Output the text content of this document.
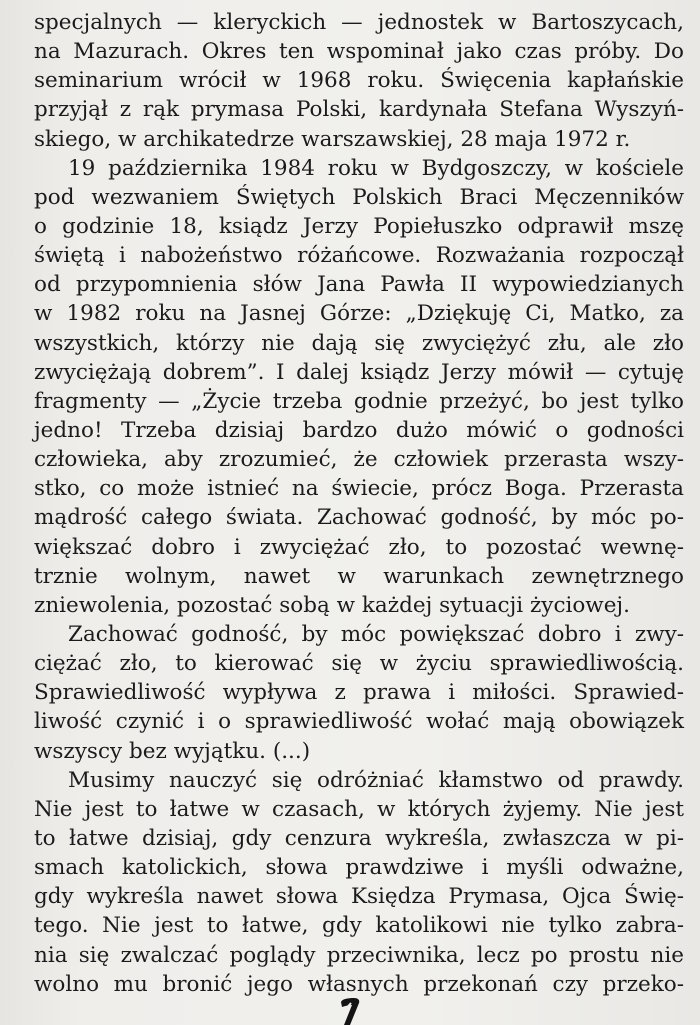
specjalnych — kleryckich — jednostek w Bartoszycach,
na Mazurach. Okres ten wspominał jako czas próby. Do
seminarium wrócił w 1968 roku. Święcenia kapłańskie
przyjął z rąk prymasa Polski, kardynała Stefana Wyszyń-
skiego, w archikatedrze warszawskiej, 28 maja 1972 r.
19 października 1984 roku w Bydgoszczy, w kościele
pod wezwaniem Świętych Polskich Braci Męczenników
o godzinie 18, ksiądz Jerzy Popiełuszko odprawił mszę
świętą i nabożeństwo różańcowe. Rozważania rozpoczął
od przypomnienia słów Jana Pawła II wypowiedzianych
w 1982 roku na Jasnej Górze: „Dziękuję Ci, Matko, za
wszystkich, którzy nie dają się zwyciężyć złu, ale zło
zwyciężają dobrem”. I dalej ksiądz Jerzy mówił — cytuję
fragmenty — „Życie trzeba godnie przeżyć, bo jest tylko
jedno! Trzeba dzisiaj bardzo dużo mówić o godności
człowieka, aby zrozumieć, że człowiek przerasta wszy-
stko, co może istnieć na świecie, prócz Boga. Przerasta
mądrość całego świata. Zachować godność, by móc po-
większać dobro i zwyciężać zło, to pozostać wewnę-
trznie wolnym, nawet w warunkach zewnętrznego
zniewolenia, pozostać sobą w każdej sytuacji życiowej.
Zachować godność, by móc powiększać dobro i zwy-
ciężać zło, to kierować się w życiu sprawiedliwością.
Sprawiedliwość wypływa z prawa i miłości. Sprawied-
liwość czynić i o sprawiedliwość wołać mają obowiązek
wszyscy bez wyjątku. (...)
Musimy nauczyć się odróżniać kłamstwo od prawdy.
Nie jest to łatwe w czasach, w których żyjemy. Nie jest
to łatwe dzisiaj, gdy cenzura wykreśla, zwłaszcza w pi-
smach katolickich, słowa prawdziwe i myśli odważne,
gdy wykreśla nawet słowa Księdza Prymasa, Ojca Świę-
tego. Nie jest to łatwe, gdy katolikowi nie tylko zabra-
nia się zwalczać poglądy przeciwnika, lecz po prostu nie
wolno mu bronić jego własnych przekonań czy przeko-
